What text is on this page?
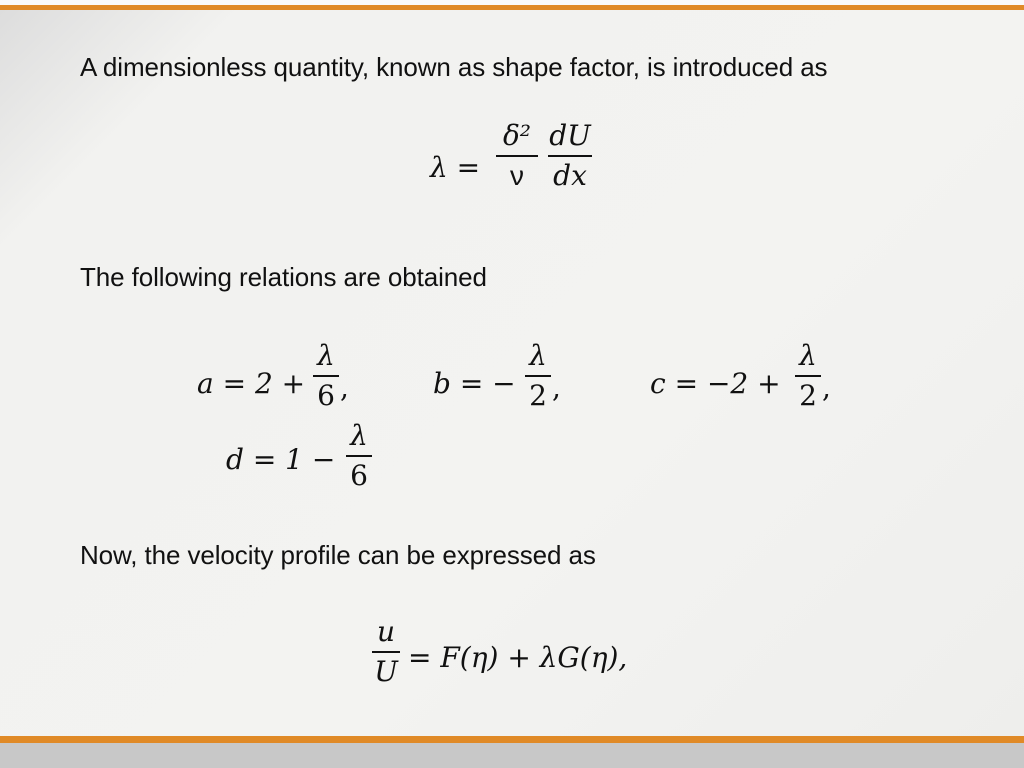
A dimensionless quantity, known as shape factor, is introduced as
λ =
δ²
ν
dU
dx
The following relations are obtained
a = 2 +
λ
6 ,	b = −
λ
2 ,	c = −2 +
λ
2 ,
d = 1 −
λ
6
Now, the velocity profile can be expressed as
u
U = F(η) + λG(η),
